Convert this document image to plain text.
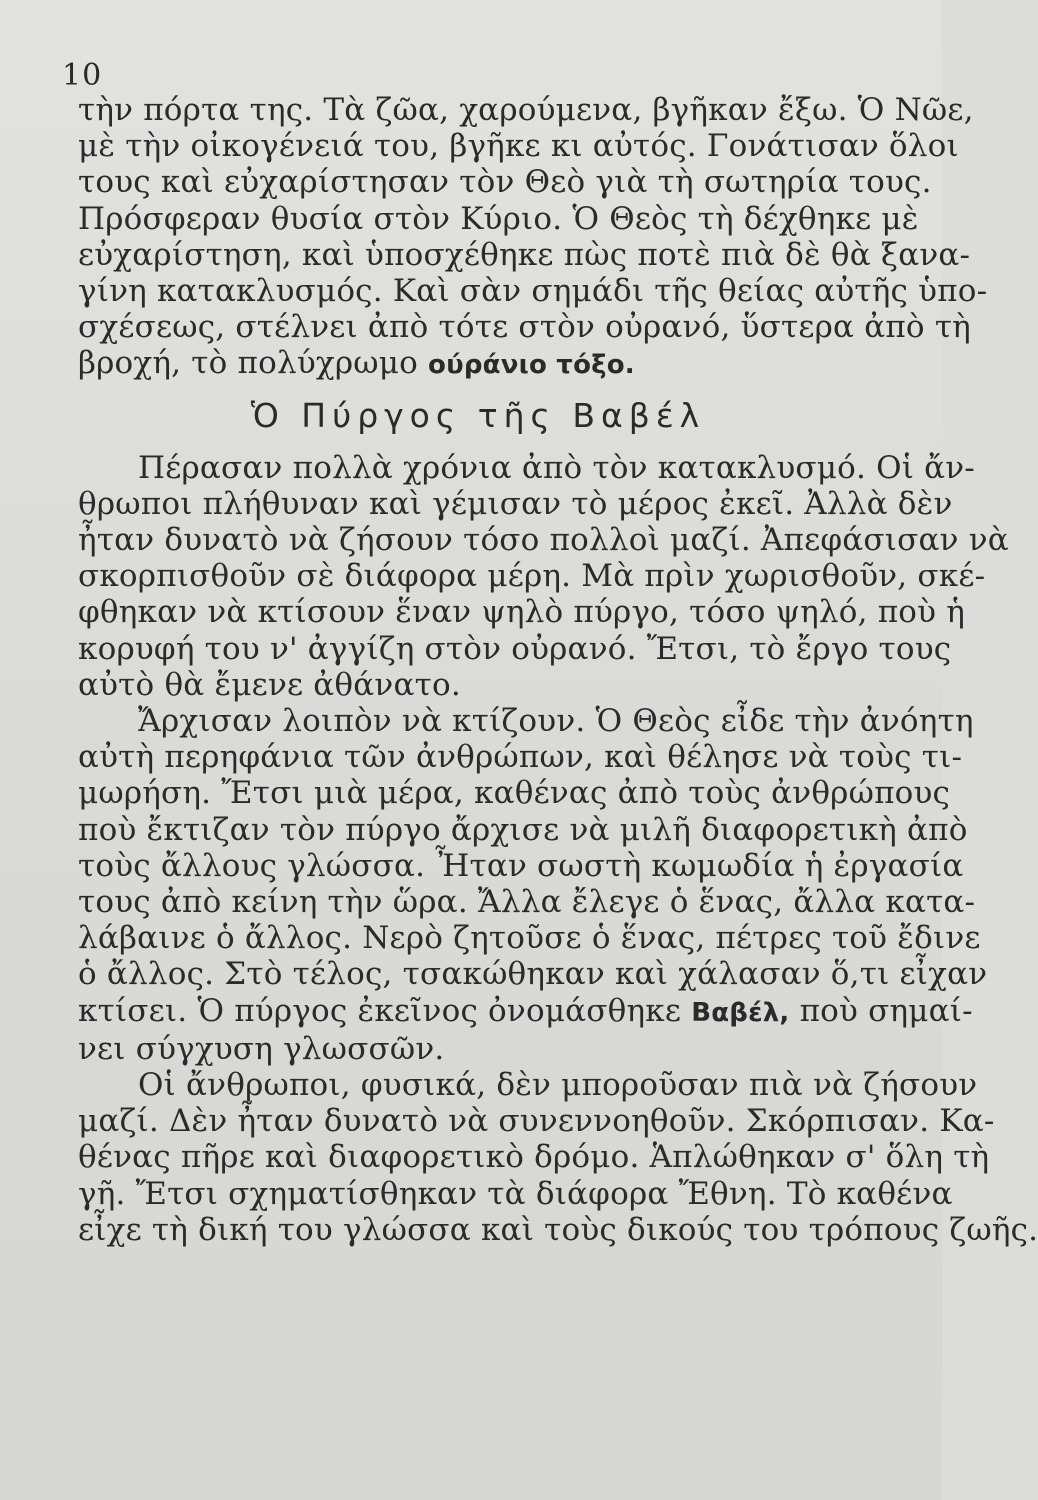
10
τὴν πόρτα της. Τὰ ζῶα, χαρούμενα, βγῆκαν ἔξω. Ὁ Νῶε,
μὲ τὴν οἰκογένειά του, βγῆκε κι αὐτός. Γονάτισαν ὅλοι
τους καὶ εὐχαρίστησαν τὸν Θεὸ γιὰ τὴ σωτηρία τους.
Πρόσφεραν θυσία στὸν Κύριο. Ὁ Θεὸς τὴ δέχθηκε μὲ
εὐχαρίστηση, καὶ ὑποσχέθηκε πὼς ποτὲ πιὰ δὲ θὰ ξανα-
γίνη κατακλυσμός. Καὶ σὰν σημάδι τῆς θείας αὐτῆς ὑπο-
σχέσεως, στέλνει ἀπὸ τότε στὸν οὐρανό, ὕστερα ἀπὸ τὴ
βροχή, τὸ πολύχρωμο ούράνιο τόξο.
Ὁ Πύργος τῆς Βαβέλ
Πέρασαν πολλὰ χρόνια ἀπὸ τὸν κατακλυσμό. Οἱ ἄν-
θρωποι πλήθυναν καὶ γέμισαν τὸ μέρος ἐκεῖ. Ἀλλὰ δὲν
ἦταν δυνατὸ νὰ ζήσουν τόσο πολλοὶ μαζί. Ἀπεφάσισαν νὰ
σκορπισθοῦν σὲ διάφορα μέρη. Μὰ πρὶν χωρισθοῦν, σκέ-
φθηκαν νὰ κτίσουν ἕναν ψηλὸ πύργο, τόσο ψηλό, ποὺ ἡ
κορυφή του ν' ἀγγίζη στὸν οὐρανό. Ἔτσι, τὸ ἔργο τους
αὐτὸ θὰ ἔμενε ἀθάνατο.
Ἄρχισαν λοιπὸν νὰ κτίζουν. Ὁ Θεὸς εἶδε τὴν ἀνόητη
αὐτὴ περηφάνια τῶν ἀνθρώπων, καὶ θέλησε νὰ τοὺς τι-
μωρήση. Ἔτσι μιὰ μέρα, καθένας ἀπὸ τοὺς ἀνθρώπους
ποὺ ἔκτιζαν τὸν πύργο ἄρχισε νὰ μιλῆ διαφορετικὴ ἀπὸ
τοὺς ἄλλους γλώσσα. Ἦταν σωστὴ κωμωδία ἡ ἐργασία
τους ἀπὸ κείνη τὴν ὥρα. Ἄλλα ἔλεγε ὁ ἕνας, ἄλλα κατα-
λάβαινε ὁ ἄλλος. Νερὸ ζητοῦσε ὁ ἕνας, πέτρες τοῦ ἔδινε
ὁ ἄλλος. Στὸ τέλος, τσακώθηκαν καὶ χάλασαν ὅ,τι εἶχαν
κτίσει. Ὁ πύργος ἐκεῖνος ὀνομάσθηκε Βαβέλ, ποὺ σημαί-
νει σύγχυση γλωσσῶν.
Οἱ ἄνθρωποι, φυσικά, δὲν μποροῦσαν πιὰ νὰ ζήσουν
μαζί. Δὲν ἦταν δυνατὸ νὰ συνεννοηθοῦν. Σκόρπισαν. Κα-
θένας πῆρε καὶ διαφορετικὸ δρόμο. Ἁπλώθηκαν σ' ὅλη τὴ
γῆ. Ἔτσι σχηματίσθηκαν τὰ διάφορα Ἔθνη. Τὸ καθένα
εἶχε τὴ δική του γλώσσα καὶ τοὺς δικούς του τρόπους ζωῆς.
